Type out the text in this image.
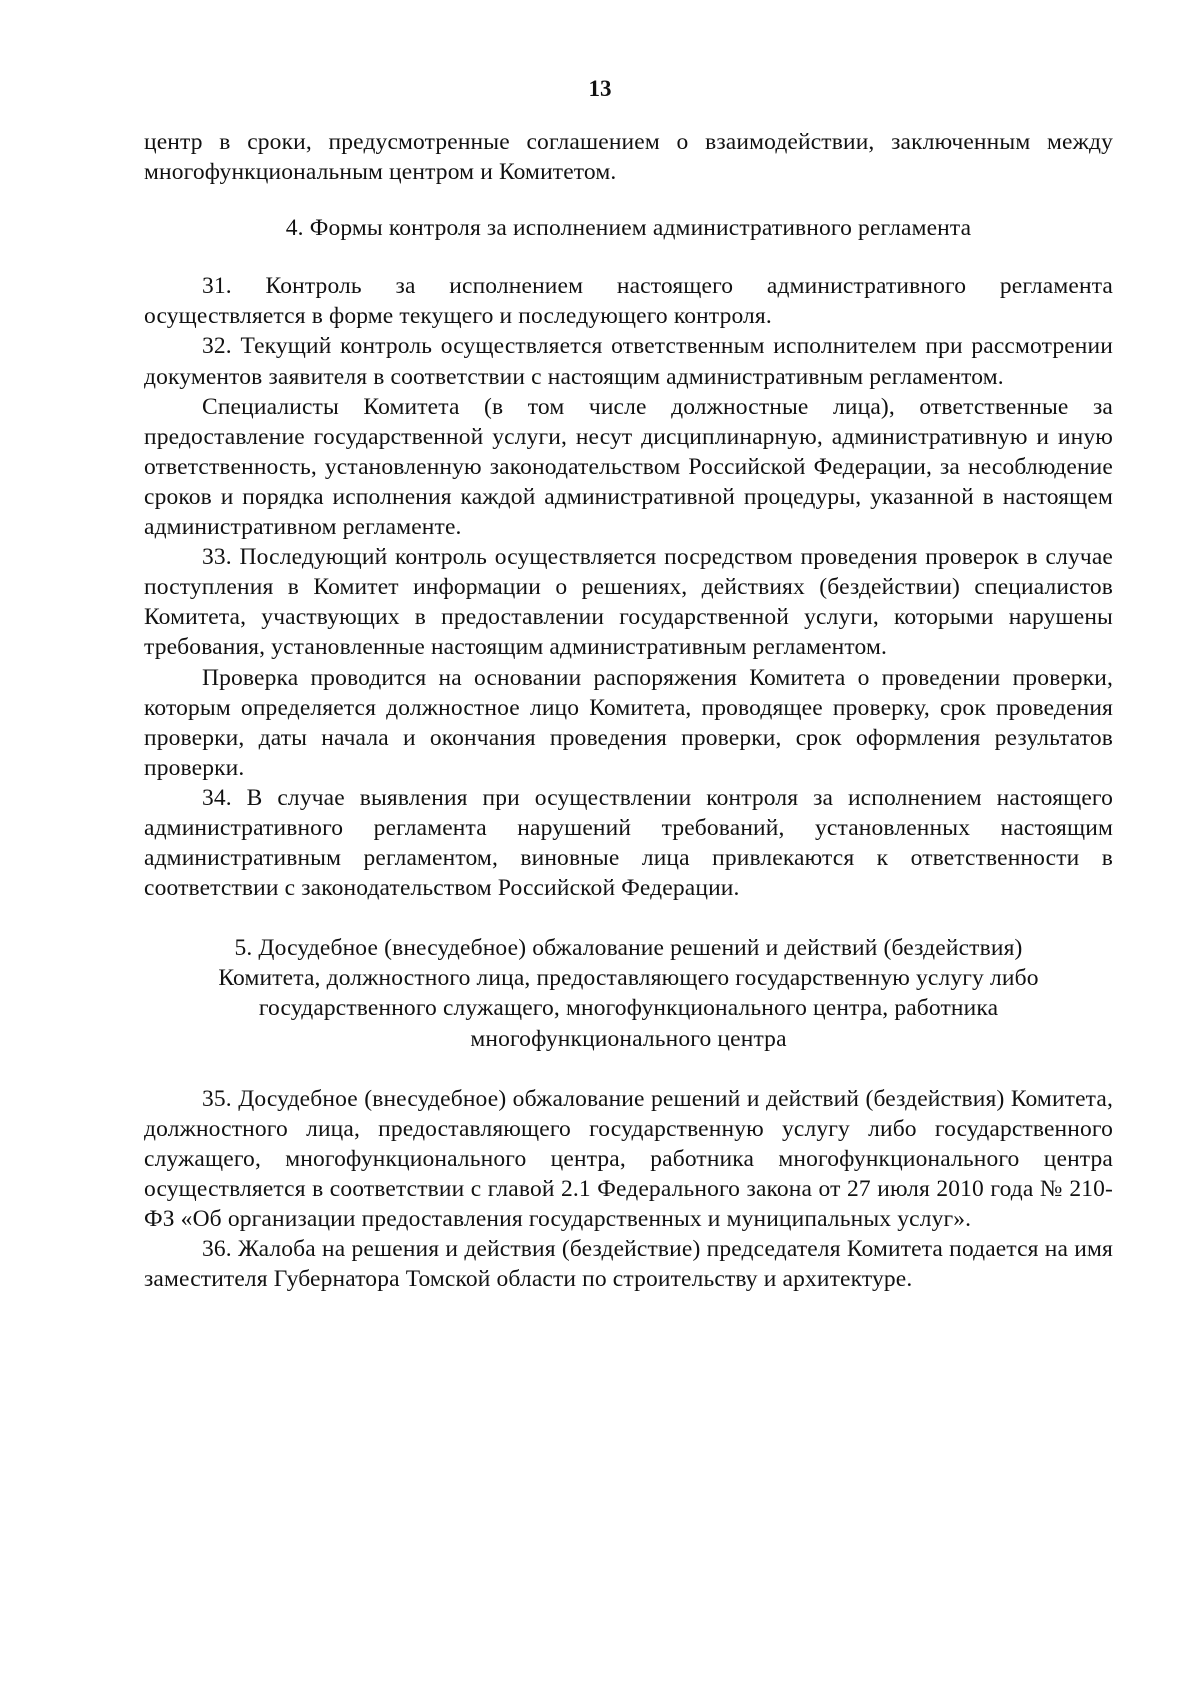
13

центр в сроки, предусмотренные соглашением о взаимодействии, заключенным между многофункциональным центром и Комитетом.

4. Формы контроля за исполнением административного регламента

31. Контроль за исполнением настоящего административного регламента осуществляется в форме текущего и последующего контроля.

32. Текущий контроль осуществляется ответственным исполнителем при рассмотрении документов заявителя в соответствии с настоящим административным регламентом.

Специалисты Комитета (в том числе должностные лица), ответственные за предоставление государственной услуги, несут дисциплинарную, административную и иную ответственность, установленную законодательством Российской Федерации, за несоблюдение сроков и порядка исполнения каждой административной процедуры, указанной в настоящем административном регламенте.

33. Последующий контроль осуществляется посредством проведения проверок в случае поступления в Комитет информации о решениях, действиях (бездействии) специалистов Комитета, участвующих в предоставлении государственной услуги, которыми нарушены требования, установленные настоящим административным регламентом.

Проверка проводится на основании распоряжения Комитета о проведении проверки, которым определяется должностное лицо Комитета, проводящее проверку, срок проведения проверки, даты начала и окончания проведения проверки, срок оформления результатов проверки.

34. В случае выявления при осуществлении контроля за исполнением настоящего административного регламента нарушений требований, установленных настоящим административным регламентом, виновные лица привлекаются к ответственности в соответствии с законодательством Российской Федерации.

5. Досудебное (внесудебное) обжалование решений и действий (бездействия) Комитета, должностного лица, предоставляющего государственную услугу либо государственного служащего, многофункционального центра, работника многофункционального центра

35. Досудебное (внесудебное) обжалование решений и действий (бездействия) Комитета, должностного лица, предоставляющего государственную услугу либо государственного служащего, многофункционального центра, работника многофункционального центра осуществляется в соответствии с главой 2.1 Федерального закона от 27 июля 2010 года № 210-ФЗ «Об организации предоставления государственных и муниципальных услуг».

36. Жалоба на решения и действия (бездействие) председателя Комитета подается на имя заместителя Губернатора Томской области по строительству и архитектуре.
